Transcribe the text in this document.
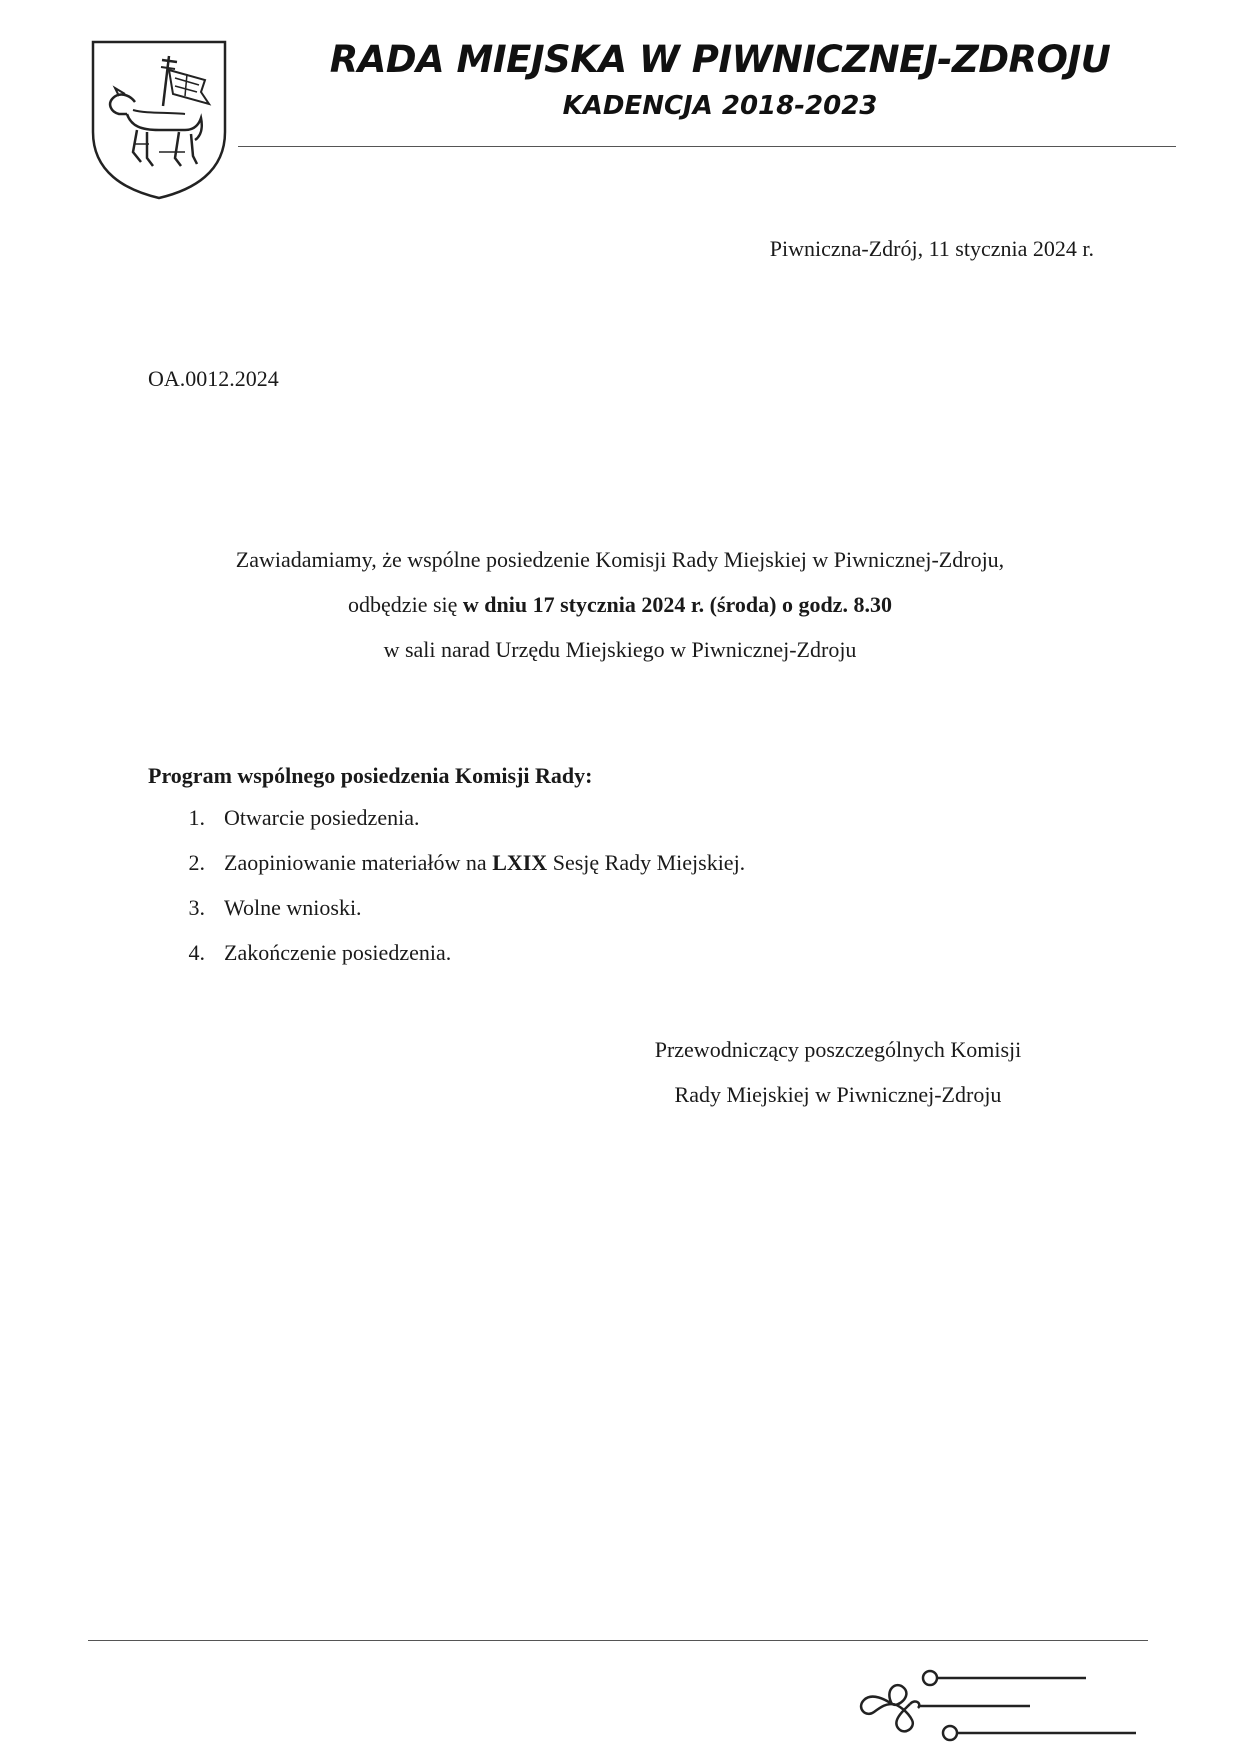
RADA MIEJSKA W PIWNICZNEJ-ZDROJU
KADENCJA 2018-2023
Piwniczna-Zdrój, 11 stycznia 2024 r.
OA.0012.2024
Zawiadamiamy, że wspólne posiedzenie Komisji Rady Miejskiej w Piwnicznej-Zdroju,
odbędzie się w dniu 17 stycznia 2024 r. (środa) o godz. 8.30
w sali narad Urzędu Miejskiego w Piwnicznej-Zdroju
Program wspólnego posiedzenia Komisji Rady:
1. Otwarcie posiedzenia.
2. Zaopiniowanie materiałów na LXIX Sesję Rady Miejskiej.
3. Wolne wnioski.
4. Zakończenie posiedzenia.
Przewodniczący poszczególnych Komisji
Rady Miejskiej w Piwnicznej-Zdroju
